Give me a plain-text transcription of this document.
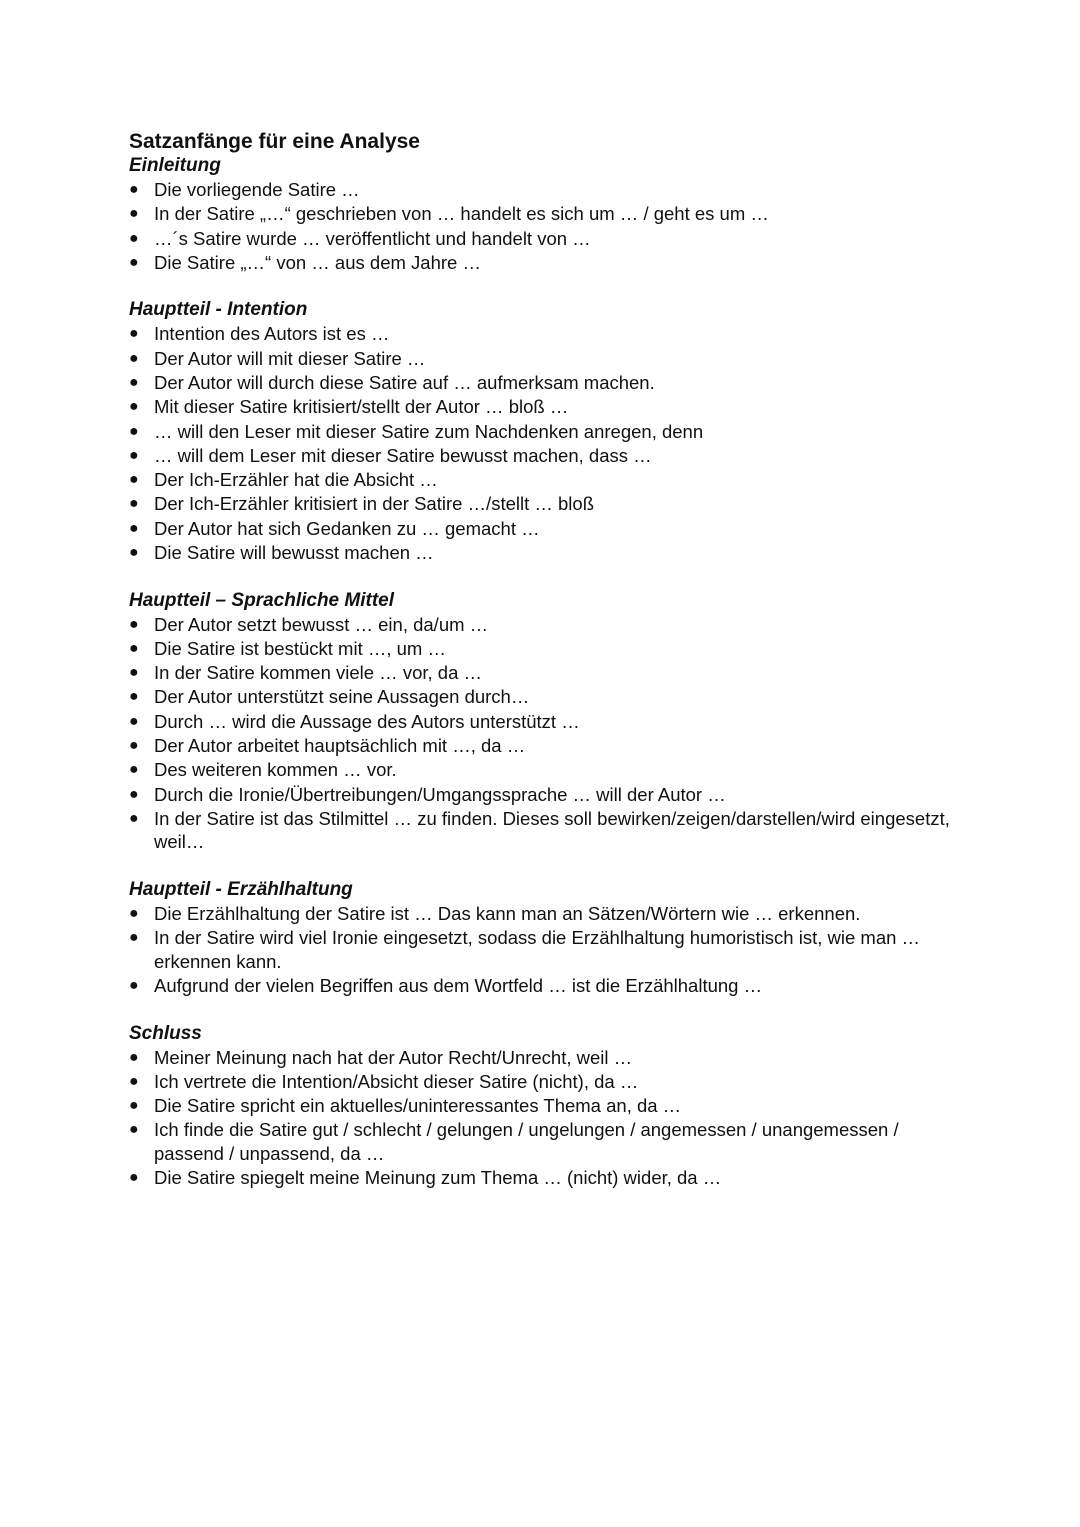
Satzanfänge für eine Analyse
Einleitung
● Die vorliegende Satire …
● In der Satire „…“ geschrieben von … handelt es sich um … / geht es um …
● …´s Satire wurde … veröffentlicht und handelt von …
● Die Satire „…“ von … aus dem Jahre …
Hauptteil - Intention
● Intention des Autors ist es …
● Der Autor will mit dieser Satire …
● Der Autor will durch diese Satire auf … aufmerksam machen.
● Mit dieser Satire kritisiert/stellt der Autor … bloß …
● … will den Leser mit dieser Satire zum Nachdenken anregen, denn
● … will dem Leser mit dieser Satire bewusst machen, dass …
● Der Ich-Erzähler hat die Absicht …
● Der Ich-Erzähler kritisiert in der Satire …/stellt … bloß
● Der Autor hat sich Gedanken zu … gemacht …
● Die Satire will bewusst machen …
Hauptteil – Sprachliche Mittel
● Der Autor setzt bewusst … ein, da/um …
● Die Satire ist bestückt mit …, um …
● In der Satire kommen viele … vor, da …
● Der Autor unterstützt seine Aussagen durch…
● Durch … wird die Aussage des Autors unterstützt …
● Der Autor arbeitet hauptsächlich mit …, da …
● Des weiteren kommen … vor.
● Durch die Ironie/Übertreibungen/Umgangssprache … will der Autor …
● In der Satire ist das Stilmittel … zu finden. Dieses soll bewirken/zeigen/darstellen/wird eingesetzt, weil…
Hauptteil - Erzählhaltung
● Die Erzählhaltung der Satire ist … Das kann man an Sätzen/Wörtern wie … erkennen.
● In der Satire wird viel Ironie eingesetzt, sodass die Erzählhaltung humoristisch ist, wie man … erkennen kann.
● Aufgrund der vielen Begriffen aus dem Wortfeld … ist die Erzählhaltung …
Schluss
● Meiner Meinung nach hat der Autor Recht/Unrecht, weil …
● Ich vertrete die Intention/Absicht dieser Satire (nicht), da …
● Die Satire spricht ein aktuelles/uninteressantes Thema an, da …
● Ich finde die Satire gut / schlecht / gelungen / ungelungen / angemessen / unangemessen / passend / unpassend, da …
● Die Satire spiegelt meine Meinung zum Thema … (nicht) wider, da …
